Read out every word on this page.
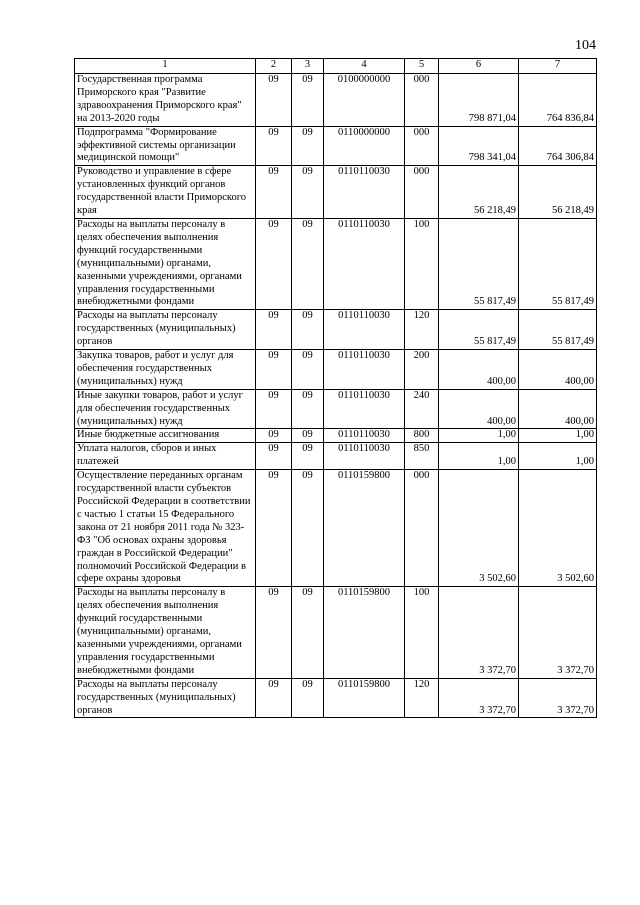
104
1	2	3	4	5	6	7
Государственная программа Приморского края "Развитие здравоохранения Приморского края" на 2013-2020 годы	09	09	0100000000	000	798 871,04	764 836,84
Подпрограмма "Формирование эффективной системы организации медицинской помощи"	09	09	0110000000	000	798 341,04	764 306,84
Руководство и управление в сфере установленных функций органов государственной власти Приморского края	09	09	0110110030	000	56 218,49	56 218,49
Расходы на выплаты персоналу в целях обеспечения выполнения функций государственными (муниципальными) органами, казенными учреждениями, органами управления государственными внебюджетными фондами	09	09	0110110030	100	55 817,49	55 817,49
Расходы на выплаты персоналу государственных (муниципальных) органов	09	09	0110110030	120	55 817,49	55 817,49
Закупка товаров, работ и услуг для обеспечения государственных (муниципальных) нужд	09	09	0110110030	200	400,00	400,00
Иные закупки товаров, работ и услуг для обеспечения государственных (муниципальных) нужд	09	09	0110110030	240	400,00	400,00
Иные бюджетные ассигнования	09	09	0110110030	800	1,00	1,00
Уплата налогов, сборов и иных платежей	09	09	0110110030	850	1,00	1,00
Осуществление переданных органам государственной власти субъектов Российской Федерации в соответствии с частью 1 статьи 15 Федерального закона от 21 ноября 2011 года № 323-ФЗ "Об основах охраны здоровья граждан в Российской Федерации" полномочий Российской Федерации в сфере охраны здоровья	09	09	0110159800	000	3 502,60	3 502,60
Расходы на выплаты персоналу в целях обеспечения выполнения функций государственными (муниципальными) органами, казенными учреждениями, органами управления государственными внебюджетными фондами	09	09	0110159800	100	3 372,70	3 372,70
Расходы на выплаты персоналу государственных (муниципальных) органов	09	09	0110159800	120	3 372,70	3 372,70
